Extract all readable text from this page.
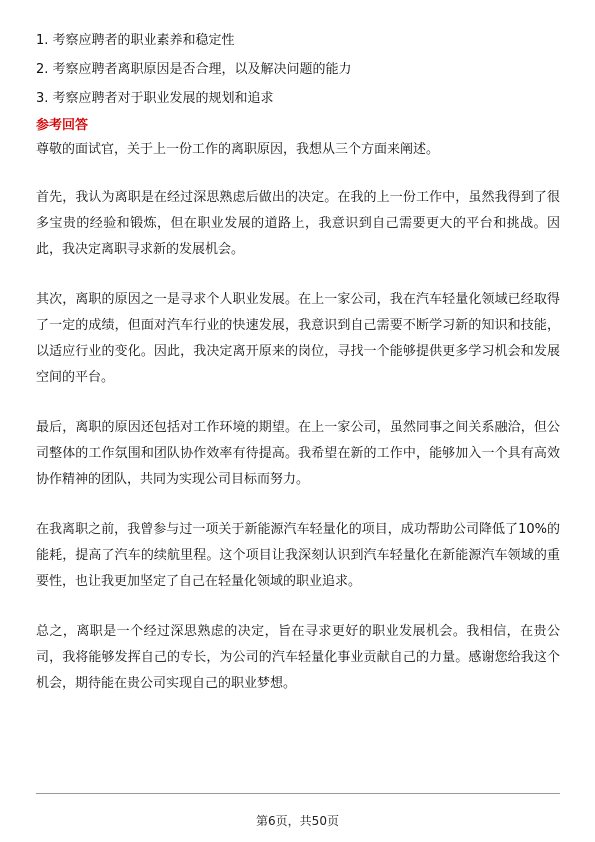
1. 考察应聘者的职业素养和稳定性
2. 考察应聘者离职原因是否合理，以及解决问题的能力
3. 考察应聘者对于职业发展的规划和追求
参考回答

尊敬的面试官，关于上一份工作的离职原因，我想从三个方面来阐述。

首先，我认为离职是在经过深思熟虑后做出的决定。在我的上一份工作中，虽然我得到了很多宝贵的经验和锻炼，但在职业发展的道路上，我意识到自己需要更大的平台和挑战。因此，我决定离职寻求新的发展机会。

其次，离职的原因之一是寻求个人职业发展。在上一家公司，我在汽车轻量化领域已经取得了一定的成绩，但面对汽车行业的快速发展，我意识到自己需要不断学习新的知识和技能，以适应行业的变化。因此，我决定离开原来的岗位，寻找一个能够提供更多学习机会和发展空间的平台。

最后，离职的原因还包括对工作环境的期望。在上一家公司，虽然同事之间关系融洽，但公司整体的工作氛围和团队协作效率有待提高。我希望在新的工作中，能够加入一个具有高效协作精神的团队，共同为实现公司目标而努力。

在我离职之前，我曾参与过一项关于新能源汽车轻量化的项目，成功帮助公司降低了10%的能耗，提高了汽车的续航里程。这个项目让我深刻认识到汽车轻量化在新能源汽车领域的重要性，也让我更加坚定了自己在轻量化领域的职业追求。

总之，离职是一个经过深思熟虑的决定，旨在寻求更好的职业发展机会。我相信，在贵公司，我将能够发挥自己的专长，为公司的汽车轻量化事业贡献自己的力量。感谢您给我这个机会，期待能在贵公司实现自己的职业梦想。

第6页，共50页
